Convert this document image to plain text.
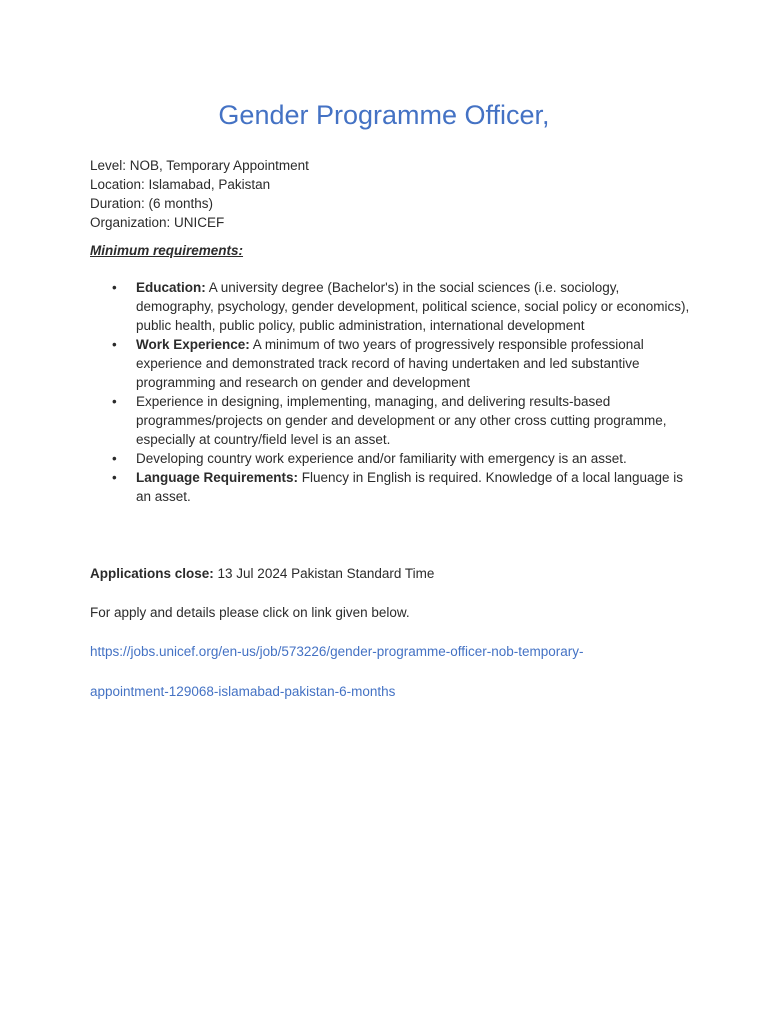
Gender Programme Officer,
Level: NOB, Temporary Appointment
Location: Islamabad, Pakistan
Duration: (6 months)
Organization: UNICEF
Minimum requirements:
• Education: A university degree (Bachelor's) in the social sciences (i.e. sociology, demography, psychology, gender development, political science, social policy or economics), public health, public policy, public administration, international development
• Work Experience: A minimum of two years of progressively responsible professional experience and demonstrated track record of having undertaken and led substantive programming and research on gender and development
• Experience in designing, implementing, managing, and delivering results-based programmes/projects on gender and development or any other cross cutting programme, especially at country/field level is an asset.
• Developing country work experience and/or familiarity with emergency is an asset.
• Language Requirements: Fluency in English is required. Knowledge of a local language is an asset.
Applications close: 13 Jul 2024 Pakistan Standard Time
For apply and details please click on link given below.
https://jobs.unicef.org/en-us/job/573226/gender-programme-officer-nob-temporary-
appointment-129068-islamabad-pakistan-6-months
